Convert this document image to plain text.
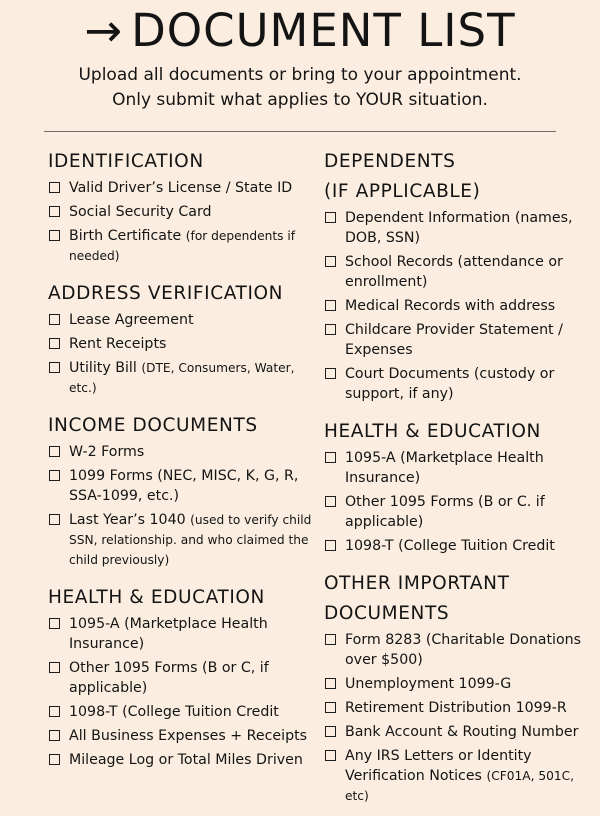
→ DOCUMENT LIST
Upload all documents or bring to your appointment.
Only submit what applies to YOUR situation.
IDENTIFICATION
Valid Driver’s License / State ID
Social Security Card
Birth Certificate (for dependents if needed)
ADDRESS VERIFICATION
Lease Agreement
Rent Receipts
Utility Bill (DTE, Consumers, Water, etc.)
INCOME DOCUMENTS
W-2 Forms
1099 Forms (NEC, MISC, K, G, R, SSA-1099, etc.)
Last Year’s 1040 (used to verify child SSN, relationship. and who claimed the child previously)
HEALTH & EDUCATION
1095-A (Marketplace Health Insurance)
Other 1095 Forms (B or C, if applicable)
1098-T (College Tuition Credit
All Business Expenses + Receipts
Mileage Log or Total Miles Driven
DEPENDENTS
(IF APPLICABLE)
Dependent Information (names, DOB, SSN)
School Records (attendance or enrollment)
Medical Records with address
Childcare Provider Statement / Expenses
Court Documents (custody or support, if any)
HEALTH & EDUCATION
1095-A (Marketplace Health Insurance)
Other 1095 Forms (B or C. if applicable)
1098-T (College Tuition Credit
OTHER IMPORTANT
DOCUMENTS
Form 8283 (Charitable Donations over $500)
Unemployment 1099-G
Retirement Distribution 1099-R
Bank Account & Routing Number
Any IRS Letters or Identity Verification Notices (CF01A, 501C, etc)
